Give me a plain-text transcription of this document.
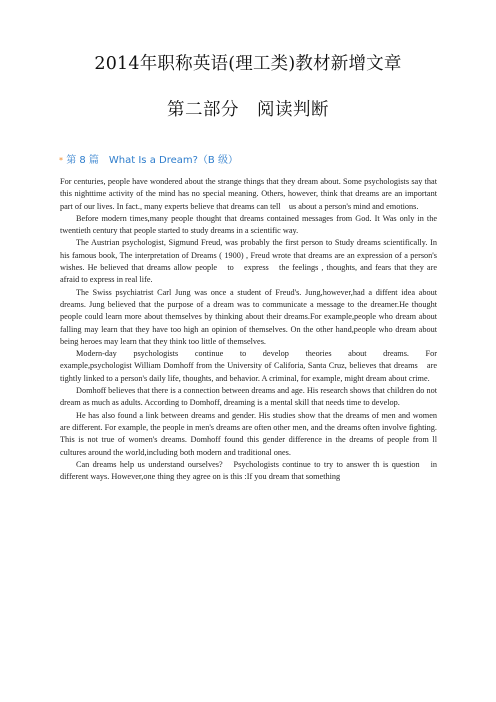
2014年职称英语(理工类)教材新增文章
第二部分　阅读判断
* 第 8 篇　What Is a Dream?（B 级）

For centuries, people have wondered about the strange things that they dream about. Some psychologists say that this nighttime activity of the mind has no special meaning. Others, however, think that dreams are an important part of our lives. In fact., many experts believe that dreams can tell　us about a person's mind and emotions.

Before modern times,many people thought that dreams contained messages from God. It Was only in the twentieth century that people started to study dreams in a scientific way.

The Austrian psychologist, Sigmund Freud, was probably the first person to Study dreams scientifically. In his famous book, The interpretation of Dreams ( 1900) , Freud wrote that dreams are an expression of a person's wishes. He believed that dreams allow people　to　express　the feelings , thoughts, and fears that they are afraid to express in real life.

The Swiss psychiatrist Carl Jung was once a student of Freud's. Jung,however,had a diffent idea about dreams. Jung believed that the purpose of a dream was to communicate a message to the dreamer.He thought people could learn more about themselves by thinking about their dreams.For example,people who dream about falling may learn that they have too high an opinion of themselves. On the other hand,people who dream about being heroes may learn that they think too little of themselves.

Modern-day　psychologists　continue　to　develop　theories　about　dreams.　For example,psychologist William Domhoff from the University of Califoria, Santa Cruz, believes that dreams　are tightly linked to a person's daily life, thoughts, and behavior. A criminal, for example, might dream about crime.

Domhoff believes that there is a connection between dreams and age. His research shows that children do not dream as much as adults. According to Domhoff, dreaming is a mental skill that needs time to develop.

He has also found a link between dreams and gender. His studies show that the dreams of men and women are different. For example, the people in men's dreams are often other men, and the dreams often involve fighting. This is not true of women's dreams. Domhoff found this gender difference in the dreams of people from ll cultures around the world,including both modern and traditional ones.

Can dreams help us understand ourselves?　Psychologists continue to try to answer th is question　in different ways. However,one thing they agree on is this :If you dream that something
